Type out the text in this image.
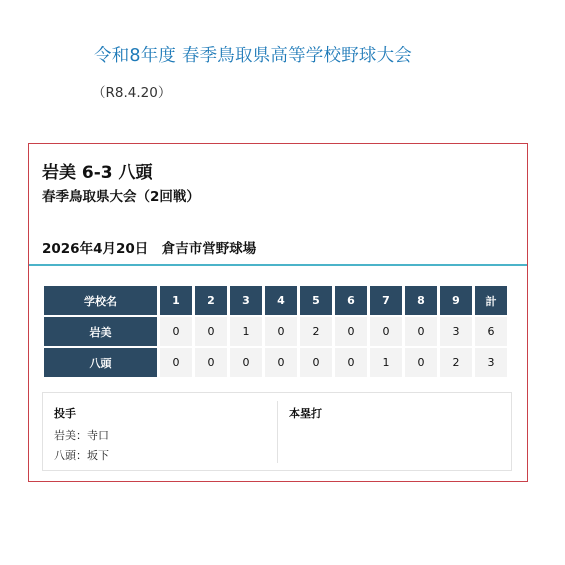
令和8年度 春季鳥取県高等学校野球大会
（R8.4.20）
岩美 6-3 八頭
春季鳥取県大会（2回戦）
2026年4月20日　倉吉市営野球場
学校名	1	2	3	4	5	6	7	8	9	計
岩美	0	0	1	0	2	0	0	0	3	6
八頭	0	0	0	0	0	0	1	0	2	3
投手
岩美：寺口
八頭：坂下
本塁打
